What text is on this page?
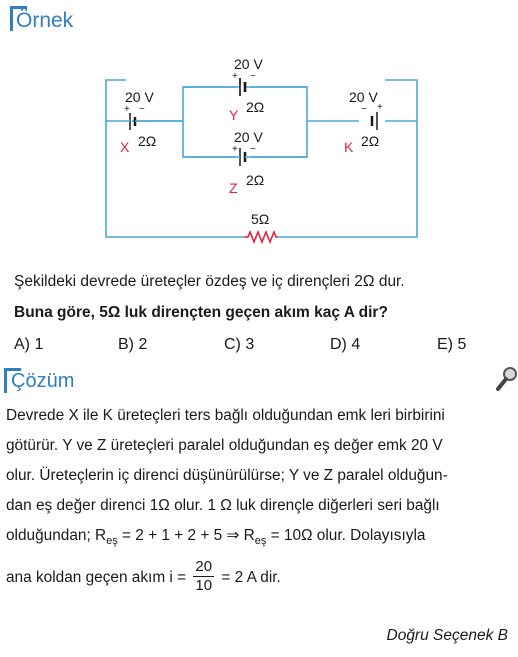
Örnek
20 V
+ −
X 2Ω
20 V
+ −
Y 2Ω
20 V
+ −
Z 2Ω
20 V
− +
K 2Ω
5Ω
Şekildeki devrede üreteçler özdeş ve iç dirençleri 2Ω dur.
Buna göre, 5Ω luk dirençten geçen akım kaç A dir?
A) 1	B) 2	C) 3	D) 4	E) 5
Çözüm
Devrede X ile K üreteçleri ters bağlı olduğundan emk leri birbirini
götürür. Y ve Z üreteçleri paralel olduğundan eş değer emk 20 V
olur. Üreteçlerin iç direnci düşünürülürse; Y ve Z paralel olduğun-
dan eş değer direnci 1Ω olur. 1 Ω luk dirençle diğerleri seri bağlı
olduğundan; $R_{eş} = 2 + 1 + 2 + 5$ ⇒ $R_{eş} = 10\Omega$ olur. Dolayısıyla
ana koldan geçen akım $i = \frac{20}{10} = 2$ A dir.
Doğru Seçenek B
